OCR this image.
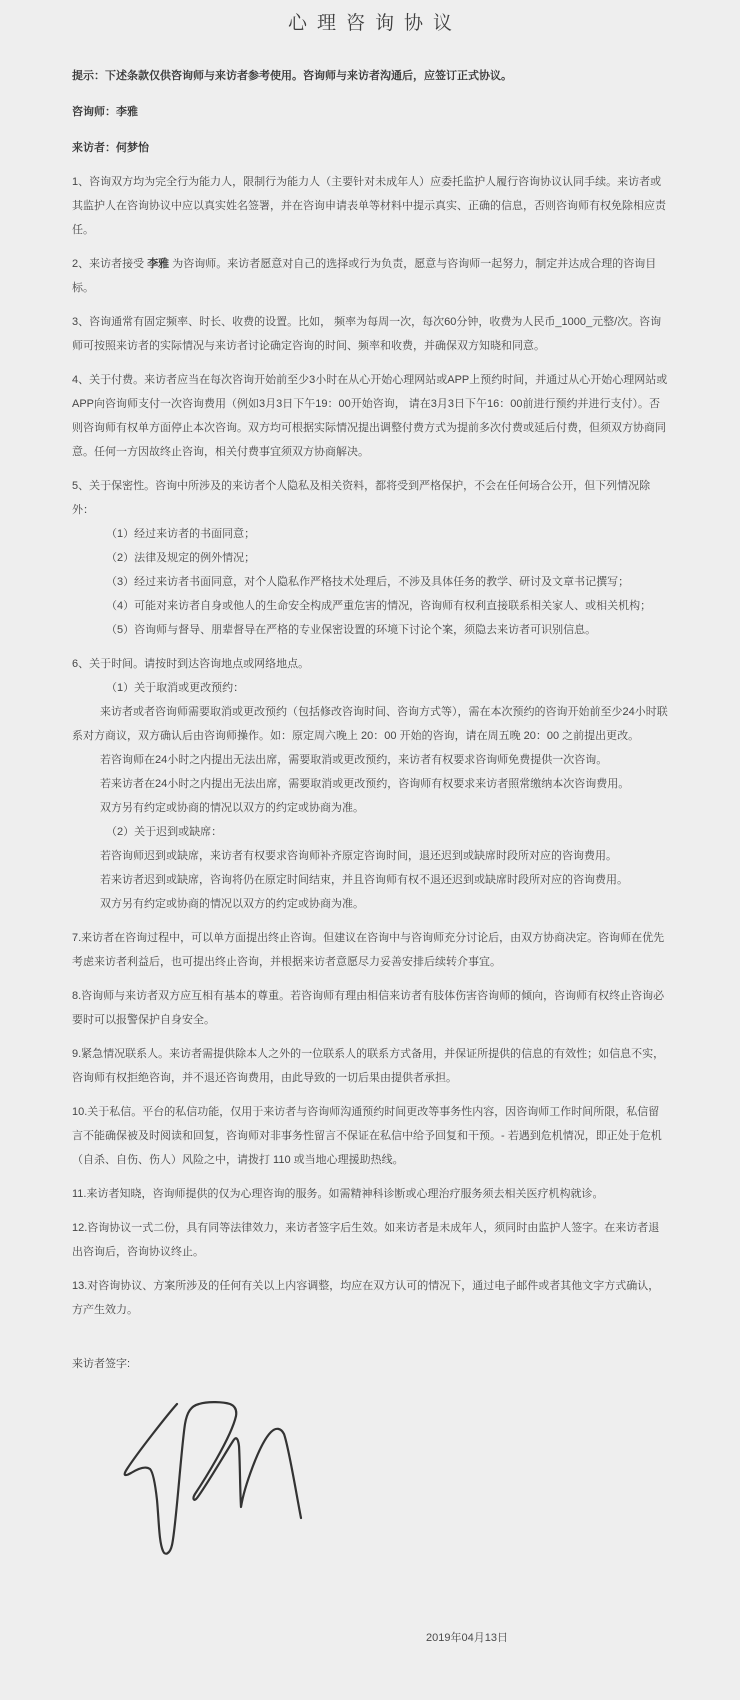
心理咨询协议

提示：下述条款仅供咨询师与来访者参考使用。咨询师与来访者沟通后，应签订正式协议。

咨询师：李雅

来访者：何梦怡

1、咨询双方均为完全行为能力人，限制行为能力人（主要针对未成年人）应委托监护人履行咨询协议认同手续。来访者或其监护人在咨询协议中应以真实姓名签署，并在咨询申请表单等材料中提示真实、正确的信息，否则咨询师有权免除相应责任。

2、来访者接受 李雅 为咨询师。来访者愿意对自己的选择或行为负责，愿意与咨询师一起努力，制定并达成合理的咨询目标。

3、咨询通常有固定频率、时长、收费的设置。比如， 频率为每周一次，每次60分钟，收费为人民币_1000_元整/次。咨询师可按照来访者的实际情况与来访者讨论确定咨询的时间、频率和收费，并确保双方知晓和同意。

4、关于付费。来访者应当在每次咨询开始前至少3小时在从心开始心理网站或APP上预约时间，并通过从心开始心理网站或APP向咨询师支付一次咨询费用（例如3月3日下午19：00开始咨询， 请在3月3日下午16：00前进行预约并进行支付）。否则咨询师有权单方面停止本次咨询。双方均可根据实际情况提出调整付费方式为提前多次付费或延后付费，但须双方协商同意。任何一方因故终止咨询，相关付费事宜须双方协商解决。

5、关于保密性。咨询中所涉及的来访者个人隐私及相关资料，都将受到严格保护，不会在任何场合公开，但下列情况除外：

（1）经过来访者的书面同意；

（2）法律及规定的例外情况；

（3）经过来访者书面同意，对个人隐私作严格技术处理后，不涉及具体任务的教学、研讨及文章书记撰写；

（4）可能对来访者自身或他人的生命安全构成严重危害的情况，咨询师有权利直接联系相关家人、或相关机构；

（5）咨询师与督导、朋辈督导在严格的专业保密设置的环境下讨论个案，须隐去来访者可识别信息。

6、关于时间。请按时到达咨询地点或网络地点。

（1）关于取消或更改预约：

来访者或者咨询师需要取消或更改预约（包括修改咨询时间、咨询方式等），需在本次预约的咨询开始前至少24小时联系对方商议，双方确认后由咨询师操作。如：原定周六晚上 20：00 开始的咨询，请在周五晚 20：00 之前提出更改。

若咨询师在24小时之内提出无法出席，需要取消或更改预约，来访者有权要求咨询师免费提供一次咨询。

若来访者在24小时之内提出无法出席，需要取消或更改预约，咨询师有权要求来访者照常缴纳本次咨询费用。

双方另有约定或协商的情况以双方的约定或协商为准。

（2）关于迟到或缺席：

若咨询师迟到或缺席，来访者有权要求咨询师补齐原定咨询时间，退还迟到或缺席时段所对应的咨询费用。

若来访者迟到或缺席，咨询将仍在原定时间结束，并且咨询师有权不退还迟到或缺席时段所对应的咨询费用。

双方另有约定或协商的情况以双方的约定或协商为准。

7.来访者在咨询过程中，可以单方面提出终止咨询。但建议在咨询中与咨询师充分讨论后，由双方协商决定。咨询师在优先考虑来访者利益后，也可提出终止咨询，并根据来访者意愿尽力妥善安排后续转介事宜。

8.咨询师与来访者双方应互相有基本的尊重。若咨询师有理由相信来访者有肢体伤害咨询师的倾向，咨询师有权终止咨询必要时可以报警保护自身安全。

9.紧急情况联系人。来访者需提供除本人之外的一位联系人的联系方式备用，并保证所提供的信息的有效性；如信息不实，咨询师有权拒绝咨询，并不退还咨询费用，由此导致的一切后果由提供者承担。

10.关于私信。平台的私信功能，仅用于来访者与咨询师沟通预约时间更改等事务性内容，因咨询师工作时间所限，私信留言不能确保被及时阅读和回复，咨询师对非事务性留言不保证在私信中给予回复和干预。- 若遇到危机情况，即正处于危机（自杀、自伤、伤人）风险之中，请拨打 110 或当地心理援助热线。

11.来访者知晓，咨询师提供的仅为心理咨询的服务。如需精神科诊断或心理治疗服务须去相关医疗机构就诊。

12.咨询协议一式二份，具有同等法律效力，来访者签字后生效。如来访者是未成年人，须同时由监护人签字。在来访者退出咨询后，咨询协议终止。

13.对咨询协议、方案所涉及的任何有关以上内容调整，均应在双方认可的情况下，通过电子邮件或者其他文字方式确认，方产生效力。

来访者签字:

2019年04月13日
